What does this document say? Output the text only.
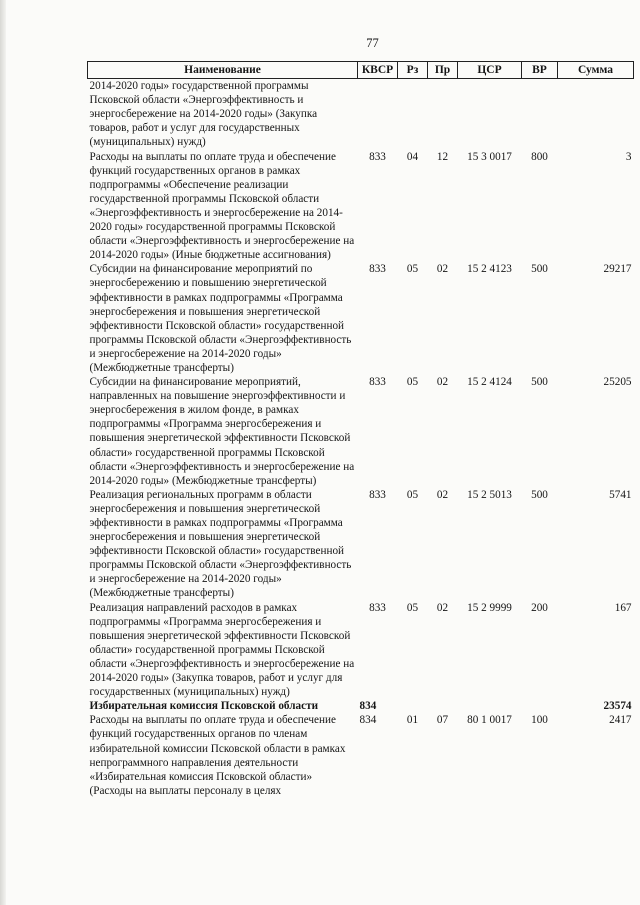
77
Наименование	КВСР	Рз	Пр	ЦСР	ВР	Сумма
2014-2020 годы» государственной программы Псковской области «Энергоэффективность и энергосбережение на 2014-2020 годы» (Закупка товаров, работ и услуг для государственных (муниципальных) нужд)						
Расходы на выплаты по оплате труда и обеспечение функций государственных органов в рамках подпрограммы «Обеспечение реализации государственной программы Псковской области «Энергоэффективность и энергосбережение на 2014-2020 годы» государственной программы Псковской области «Энергоэффективность и энергосбережение на 2014-2020 годы» (Иные бюджетные ассигнования)	833	04	12	15 3 0017	800	3
Субсидии на финансирование мероприятий по энергосбережению и повышению энергетической эффективности в рамках подпрограммы «Программа энергосбережения и повышения энергетической эффективности Псковской области» государственной программы Псковской области «Энергоэффективность и энергосбережение на 2014-2020 годы» (Межбюджетные трансферты)	833	05	02	15 2 4123	500	29217
Субсидии на финансирование мероприятий, направленных на повышение энергоэффективности и энергосбережения в жилом фонде, в рамках подпрограммы «Программа энергосбережения и повышения энергетической эффективности Псковской области» государственной программы Псковской области «Энергоэффективность и энергосбережение на 2014-2020 годы» (Межбюджетные трансферты)	833	05	02	15 2 4124	500	25205
Реализация региональных программ в области энергосбережения и повышения энергетической эффективности в рамках подпрограммы «Программа энергосбережения и повышения энергетической эффективности Псковской области» государственной программы Псковской области «Энергоэффективность и энергосбережение на 2014-2020 годы» (Межбюджетные трансферты)	833	05	02	15 2 5013	500	5741
Реализация направлений расходов в рамках подпрограммы «Программа энергосбережения и повышения энергетической эффективности Псковской области» государственной программы Псковской области «Энергоэффективность и энергосбережение на 2014-2020 годы» (Закупка товаров, работ и услуг для государственных (муниципальных) нужд)	833	05	02	15 2 9999	200	167
Избирательная комиссия Псковской области	834					23574
Расходы на выплаты по оплате труда и обеспечение функций государственных органов по членам избирательной комиссии Псковской области в рамках непрограммного направления деятельности «Избирательная комиссия Псковской области» (Расходы на выплаты персоналу в целях	834	01	07	80 1 0017	100	2417
